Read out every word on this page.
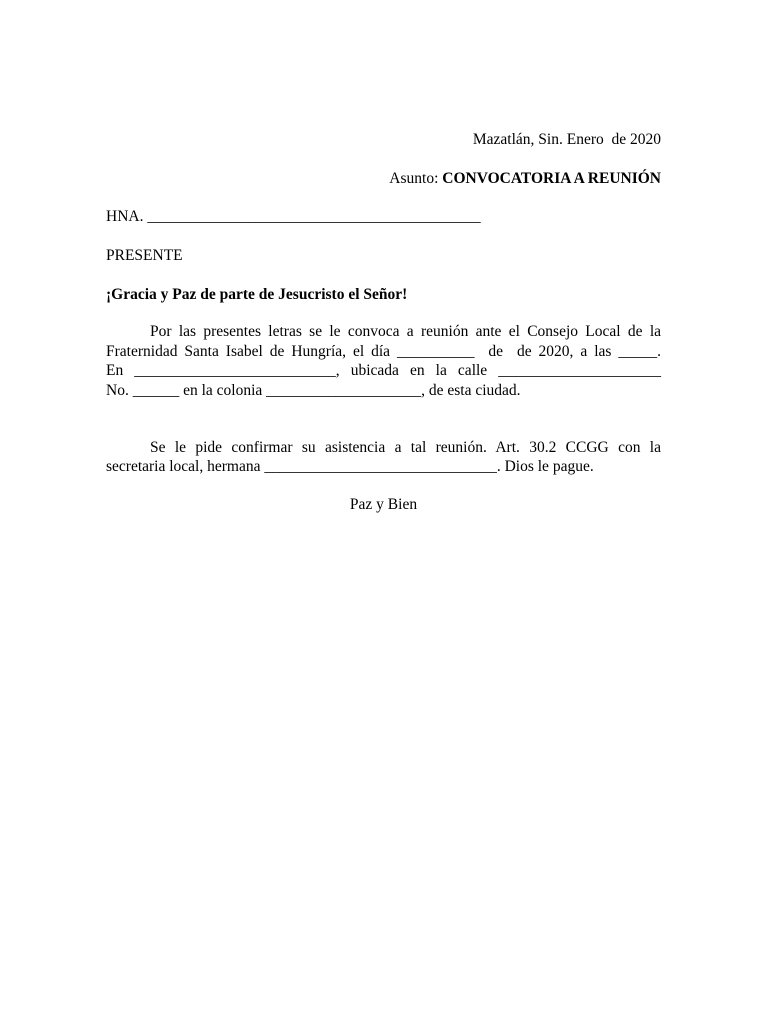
Mazatlán, Sin. Enero  de 2020
Asunto: CONVOCATORIA A REUNIÓN
HNA. ___________________________________________
PRESENTE
¡Gracia y Paz de parte de Jesucristo el Señor!
Por las presentes letras se le convoca a reunión ante el Consejo Local de la
Fraternidad Santa Isabel de Hungría, el día __________  de  de 2020, a las _____.
En __________________________, ubicada en la calle _____________________
No. ______ en la colonia ____________________, de esta ciudad.
Se le pide confirmar su asistencia a tal reunión. Art. 30.2 CCGG con la
secretaria local, hermana ______________________________. Dios le pague.
Paz y Bien
